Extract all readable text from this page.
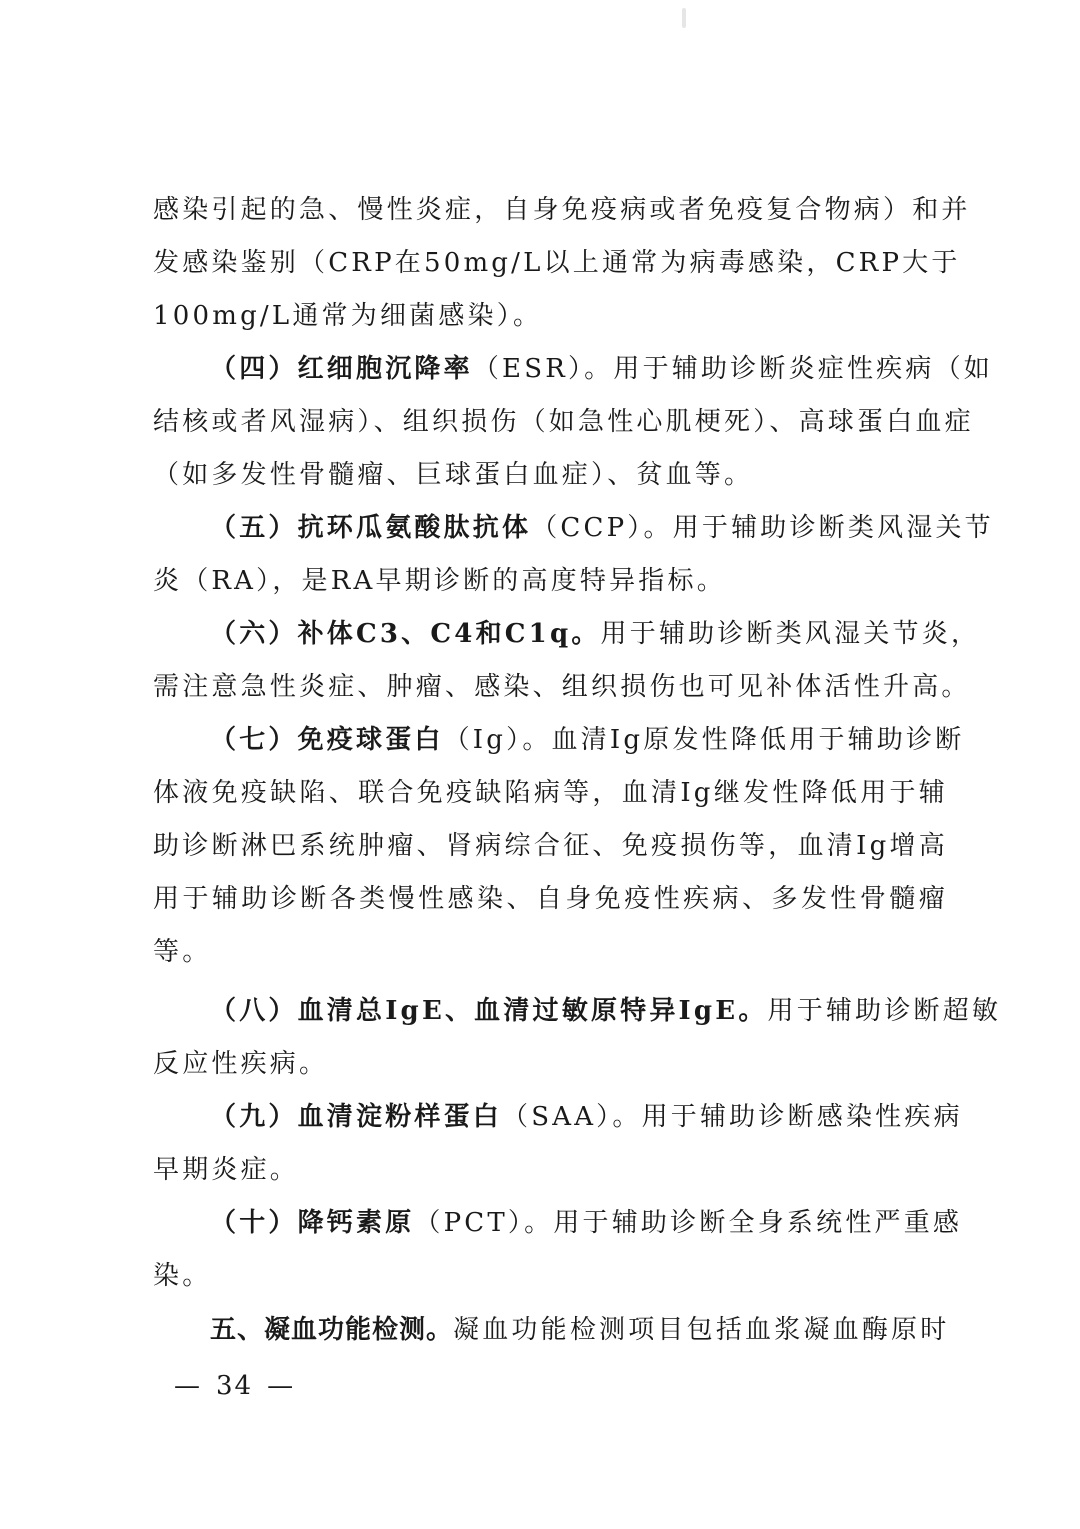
感染引起的急、慢性炎症，自身免疫病或者免疫复合物病）和并
发感染鉴别（CRP在50mg/L以上通常为病毒感染，CRP大于
100mg/L通常为细菌感染）。
（四）红细胞沉降率（ESR）。用于辅助诊断炎症性疾病（如
结核或者风湿病）、组织损伤（如急性心肌梗死）、高球蛋白血症
（如多发性骨髓瘤、巨球蛋白血症）、贫血等。
（五）抗环瓜氨酸肽抗体（CCP）。用于辅助诊断类风湿关节
炎（RA），是RA早期诊断的高度特异指标。
（六）补体C3、C4和C1q。用于辅助诊断类风湿关节炎，
需注意急性炎症、肿瘤、感染、组织损伤也可见补体活性升高。
（七）免疫球蛋白（Ig）。血清Ig原发性降低用于辅助诊断
体液免疫缺陷、联合免疫缺陷病等，血清Ig继发性降低用于辅
助诊断淋巴系统肿瘤、肾病综合征、免疫损伤等，血清Ig增高
用于辅助诊断各类慢性感染、自身免疫性疾病、多发性骨髓瘤
等。
（八）血清总IgE、血清过敏原特异IgE。用于辅助诊断超敏
反应性疾病。
（九）血清淀粉样蛋白（SAA）。用于辅助诊断感染性疾病
早期炎症。
（十）降钙素原（PCT）。用于辅助诊断全身系统性严重感
染。
五、凝血功能检测。凝血功能检测项目包括血浆凝血酶原时
— 34 —
